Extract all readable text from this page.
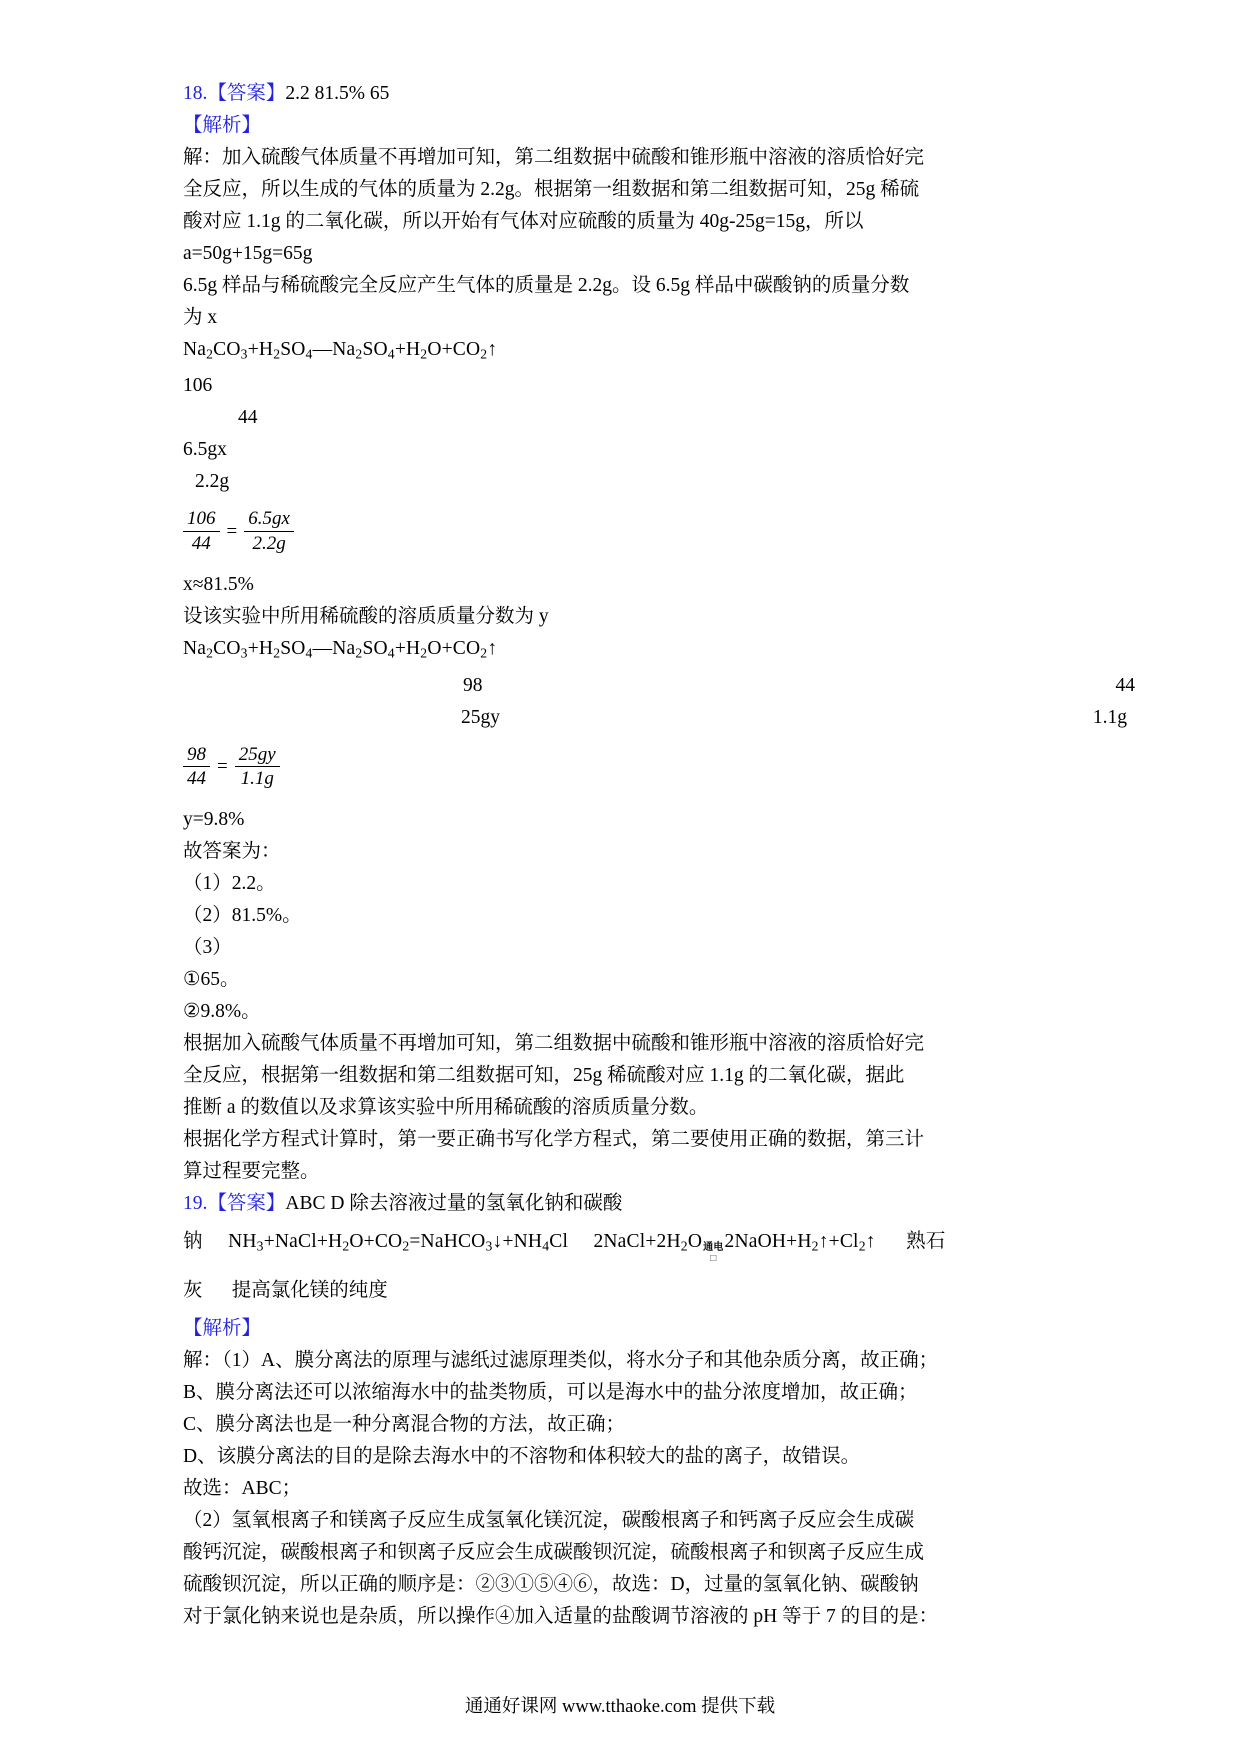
18.【答案】2.2 81.5% 65
【解析】
解：加入硫酸气体质量不再增加可知，第二组数据中硫酸和锥形瓶中溶液的溶质恰好完
全反应，所以生成的气体的质量为 2.2g。根据第一组数据和第二组数据可知，25g 稀硫
酸对应 1.1g 的二氧化碳，所以开始有气体对应硫酸的质量为 40g-25g=15g，所以
a=50g+15g=65g
6.5g 样品与稀硫酸完全反应产生气体的质量是 2.2g。设 6.5g 样品中碳酸钠的质量分数
为 x
$Na_2CO_3+H_2SO_4—Na_2SO_4+H_2O+CO_2↑$
106
44
6.5gx
2.2g
$\frac{106}{44} = \frac{6.5gx}{2.2g}$
x≈81.5%
设该实验中所用稀硫酸的溶质质量分数为 y
$Na_2CO_3+H_2SO_4—Na_2SO_4+H_2O+CO_2↑$
98	44
25gy	1.1g
$\frac{98}{44} = \frac{25gy}{1.1g}$
y=9.8%
故答案为：
（1）2.2。
（2）81.5%。
（3）
①65。
②9.8%。
根据加入硫酸气体质量不再增加可知，第二组数据中硫酸和锥形瓶中溶液的溶质恰好完
全反应，根据第一组数据和第二组数据可知，25g 稀硫酸对应 1.1g 的二氧化碳，据此
推断 a 的数值以及求算该实验中所用稀硫酸的溶质质量分数。
根据化学方程式计算时，第一要正确书写化学方程式，第二要使用正确的数据，第三计
算过程要完整。
19.【答案】ABC D 除去溶液过量的氢氧化钠和碳酸
钠 $NH_3+NaCl+H_2O+CO_2=NaHCO_3↓+NH_4Cl$ $2NaCl+2H_2O$ 通电
□
$2NaOH+H_2↑+Cl_2↑$ 熟石
灰      提高氯化镁的纯度
【解析】
解：（1）A、膜分离法的原理与滤纸过滤原理类似，将水分子和其他杂质分离，故正确；
B、膜分离法还可以浓缩海水中的盐类物质，可以是海水中的盐分浓度增加，故正确；
C、膜分离法也是一种分离混合物的方法，故正确；
D、该膜分离法的目的是除去海水中的不溶物和体积较大的盐的离子，故错误。
故选：ABC；
（2）氢氧根离子和镁离子反应生成氢氧化镁沉淀，碳酸根离子和钙离子反应会生成碳
酸钙沉淀，碳酸根离子和钡离子反应会生成碳酸钡沉淀，硫酸根离子和钡离子反应生成
硫酸钡沉淀，所以正确的顺序是：②③①⑤④⑥，故选：D，过量的氢氧化钠、碳酸钠
对于氯化钠来说也是杂质，所以操作④加入适量的盐酸调节溶液的 pH 等于 7 的目的是：
通通好课网 www.tthaoke.com 提供下载
